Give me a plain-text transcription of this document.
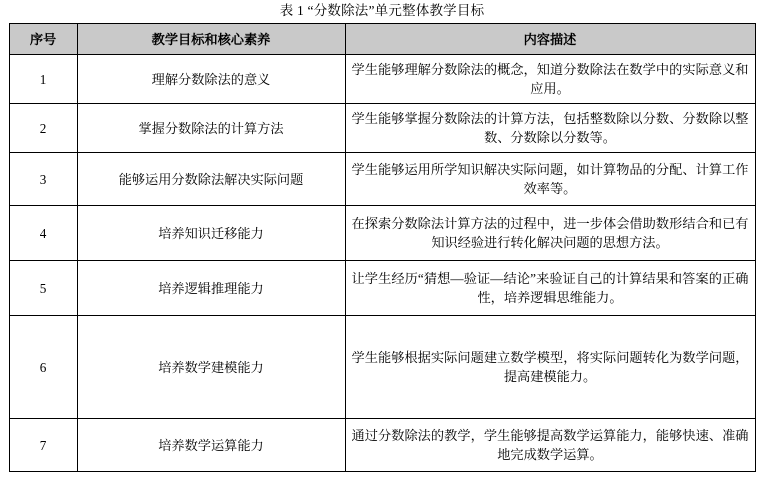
表 1 “分数除法”单元整体教学目标
序号	教学目标和核心素养	内容描述
1	理解分数除法的意义	学生能够理解分数除法的概念，知道分数除法在数学中的实际意义和应用。
2	掌握分数除法的计算方法	学生能够掌握分数除法的计算方法，包括整数除以分数、分数除以整数、分数除以分数等。
3	能够运用分数除法解决实际问题	学生能够运用所学知识解决实际问题，如计算物品的分配、计算工作效率等。
4	培养知识迁移能力	在探索分数除法计算方法的过程中，进一步体会借助数形结合和已有知识经验进行转化解决问题的思想方法。
5	培养逻辑推理能力	让学生经历“猜想—验证—结论”来验证自己的计算结果和答案的正确性，培养逻辑思维能力。
6	培养数学建模能力	学生能够根据实际问题建立数学模型，将实际问题转化为数学问题，提高建模能力。
7	培养数学运算能力	通过分数除法的教学，学生能够提高数学运算能力，能够快速、准确地完成数学运算。
